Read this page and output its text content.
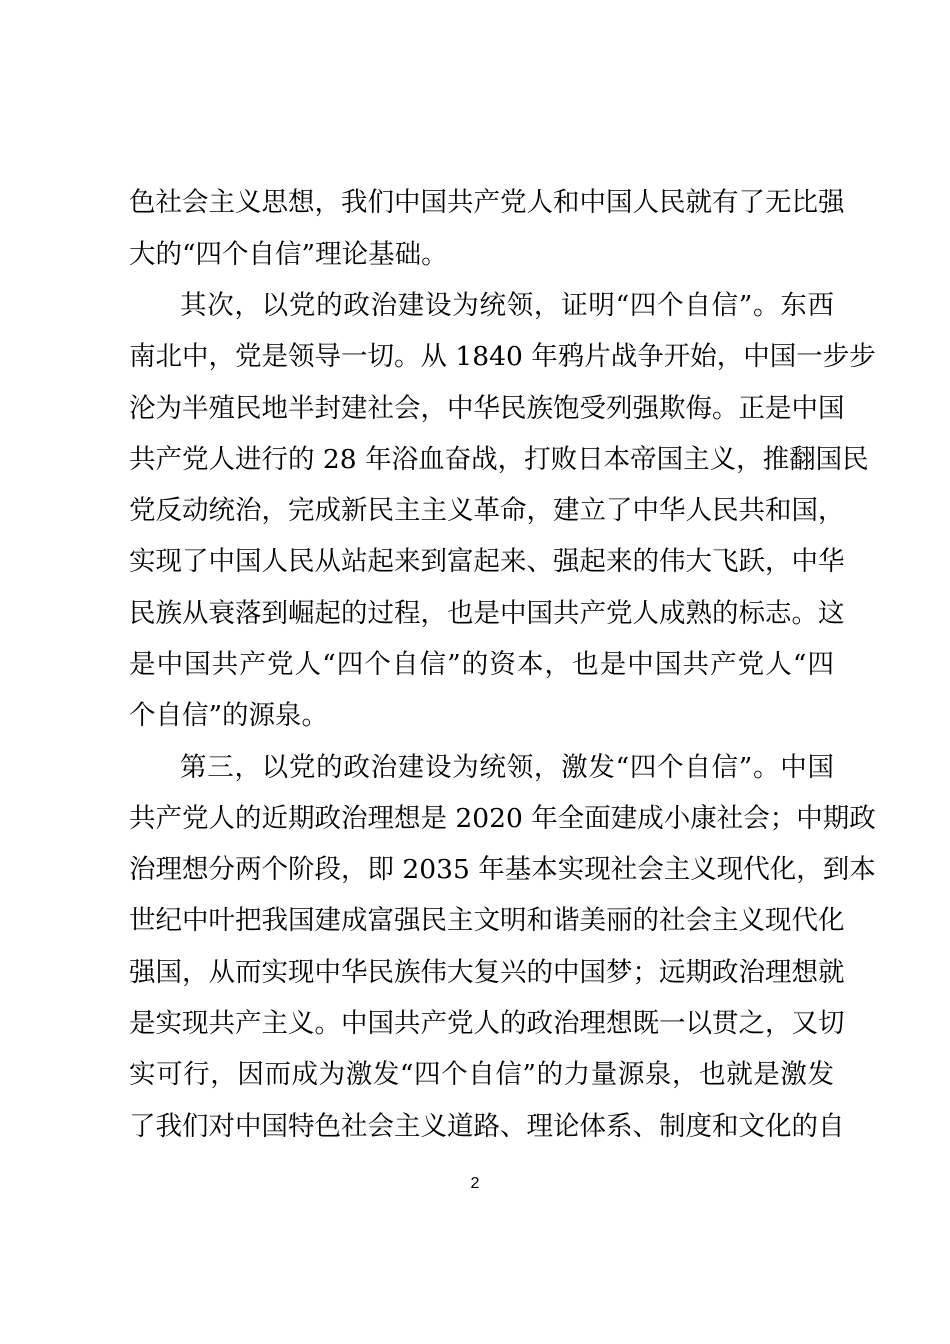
色社会主义思想，我们中国共产党人和中国人民就有了无比强
大的“四个自信”理论基础。
其次，以党的政治建设为统领，证明“四个自信”。东西
南北中，党是领导一切。从 1840 年鸦片战争开始，中国一步步
沦为半殖民地半封建社会，中华民族饱受列强欺侮。正是中国
共产党人进行的 28 年浴血奋战，打败日本帝国主义，推翻国民
党反动统治，完成新民主主义革命，建立了中华人民共和国，
实现了中国人民从站起来到富起来、强起来的伟大飞跃，中华
民族从衰落到崛起的过程，也是中国共产党人成熟的标志。这
是中国共产党人“四个自信”的资本，也是中国共产党人“四
个自信”的源泉。
第三，以党的政治建设为统领，激发“四个自信”。中国
共产党人的近期政治理想是 2020 年全面建成小康社会；中期政
治理想分两个阶段，即 2035 年基本实现社会主义现代化，到本
世纪中叶把我国建成富强民主文明和谐美丽的社会主义现代化
强国，从而实现中华民族伟大复兴的中国梦；远期政治理想就
是实现共产主义。中国共产党人的政治理想既一以贯之，又切
实可行，因而成为激发“四个自信”的力量源泉，也就是激发
了我们对中国特色社会主义道路、理论体系、制度和文化的自
2
